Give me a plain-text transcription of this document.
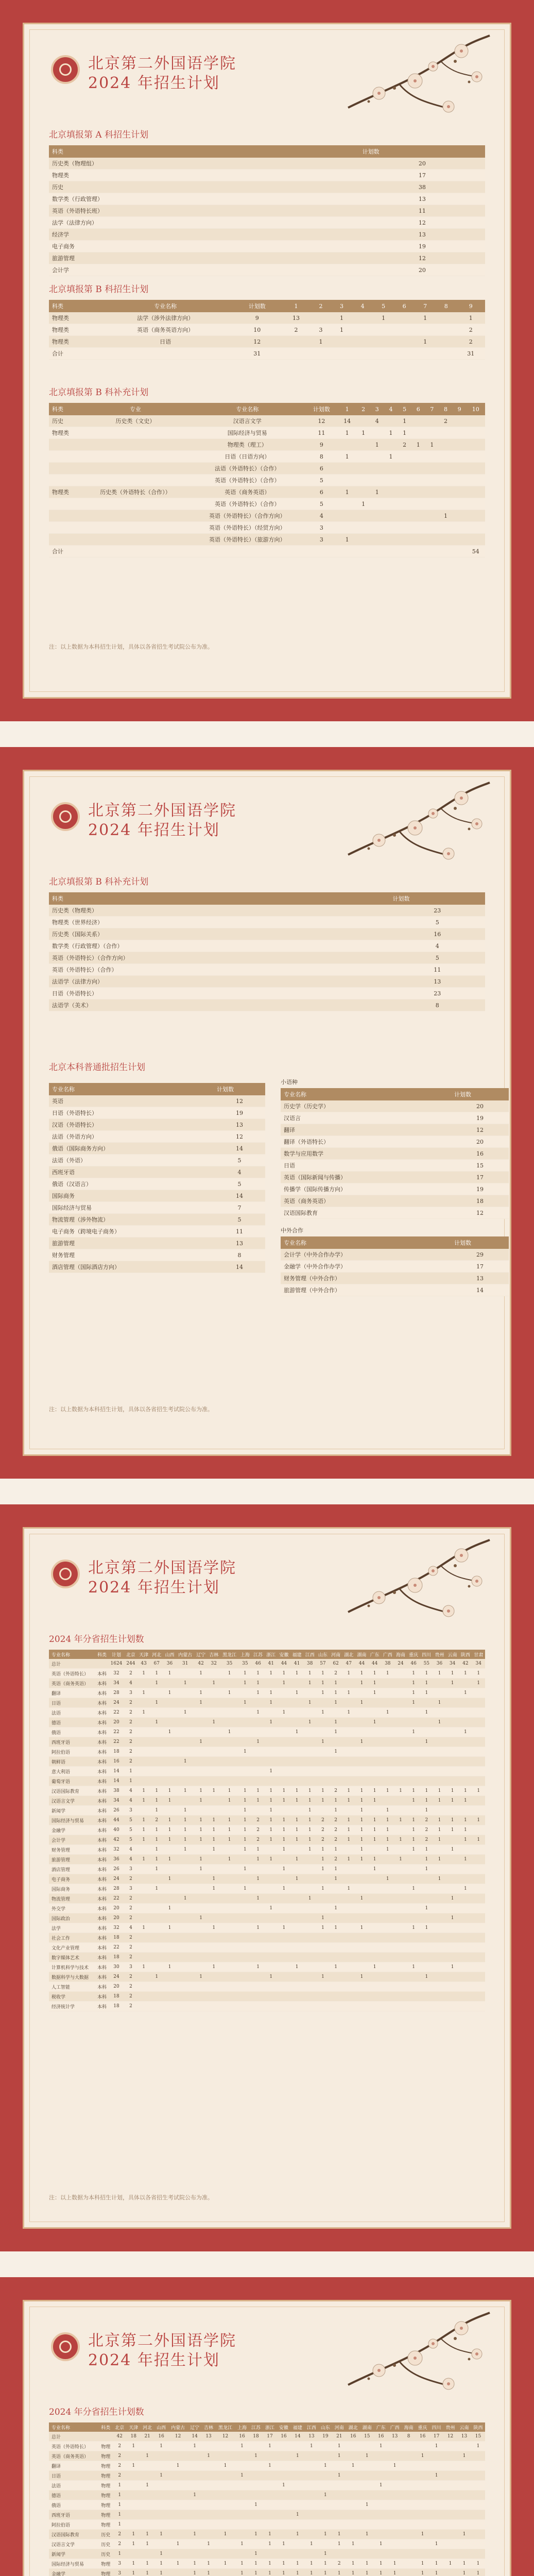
北京第二外国语学院
2024 年招生计划
北京填报第 A 科招生计划
科类	计划数
历史类（物理组）	20
物理类	17
历史	38
数学类（行政管理）	13
英语（外语特长班）	11
法学（法律方向）	12
经济学	13
电子商务	19
旅游管理	12
会计学	20
北京填报第 B 科招生计划
科类	专业名称	计划数	1	2	3	4	5	6	7	8	9
物理类	法学（涉外法律方向）	9	13		1		1		1		1
物理类	英语（商务英语方向）	10	2	3	1						2
物理类	日语	12		1					1		2
合计		31									31
北京填报第 B 科补充计划
科类	专业	专业名称	计划数	1	2	3	4	5	6	7	8	9	10
历史	历史类（文史）	汉语言文学	12	14		4		1			2		
物理类		国际经济与贸易	11	1	1		1	1					
		物理类（理工）	9			1		2	1	1			
		日语（日语方向）	8	1			1						
		法语（外语特长）（合作）	6										
		英语（外语特长）（合作）	5										
物理类	历史类（外语特长（合作））	英语（商务英语）	6	1		1							
		英语（外语特长）（合作）	5		1								
		英语（外语特长）（合作方向）	4								1		
		英语（外语特长）（经贸方向）	3										
		英语（外语特长）（旅游方向）	3	1									
合计													54
注：以上数据为本科招生计划，具体以各省招生考试院公布为准。
北京第二外国语学院
2024 年招生计划
北京填报第 B 科补充计划
科类	计划数
历史类（物理类）	23
物理类（世界经济）	5
历史类（国际关系）	16
数学类（行政管理）（合作）	4
英语（外语特长）（合作方向）	5
英语（外语特长）（合作）	11
法语学（法律方向）	13
日语（外语特长）	23
法语学（美术）	8
北京本科普通批招生计划
专业名称	计划数
英语	12
日语（外语特长）	19
汉语（外语特长）	13
法语（外语方向）	12
俄语（国际商务方向）	14
法语（外语）	5
西班牙语	4
俄语（汉语言）	5
国际商务	14
国际经济与贸易	7
物流管理（涉外物流）	5
电子商务（跨境电子商务）	11
旅游管理	13
财务管理	8
酒店管理（国际酒店方向）	14
小语种
专业名称	计划数
历史学（历史学）	20
汉语言	19
翻译	12
翻译（外语特长）	20
数学与应用数学	16
日语	15
英语（国际新闻与传播）	17
传播学（国际传播方向）	19
英语（商务英语）	18
汉语国际教育	12
中外合作
专业名称	计划数
会计学（中外合作办学）	29
金融学（中外合作办学）	17
财务管理（中外合作）	13
旅游管理（中外合作）	14
注：以上数据为本科招生计划，具体以各省招生考试院公布为准。
北京第二外国语学院
2024 年招生计划
2024 年分省招生计划数
专业名称	科类	计划	北京	天津	河北	山西	内蒙古	辽宁	吉林	黑龙江	上海	江苏	浙江	安徽	福建	江西	山东	河南	湖北	湖南	广东	广西	海南	重庆	四川	贵州	云南	陕西	甘肃
总计		1624	244	43	67	36	31	42	32	35	35	46	41	44	41	38	57	62	47	44	44	38	24	46	55	36	34	42	34
英语（外语特长）	本科	32	2	1	1	1		1		1	1	1	1	1	1	1	1	2	1	1	1	1		1	1	1	1	1	1
英语（商务英语）	本科	34	4		1		1		1		1	1		1		1	1	1		1	1			1	1		1		1
翻译	本科	28	3	1		1		1		1		1	1		1		1	1	1		1			1	1			1	
日语	本科	24	2		1			1			1		1			1		1		1				1		1			
法语	本科	22	2	1			1					1		1			1		1			1			1				
德语	本科	20	2		1				1				1			1		1			1					1			
俄语	本科	22	2			1				1					1			1						1				1	
西班牙语	本科	22	2					1				1					1			1					1				
阿拉伯语	本科	18	2								1							1											
朝鲜语	本科	16	2				1																						
意大利语	本科	14	1										1																
葡萄牙语	本科	14	1																										
汉语国际教育	本科	38	4	1	1	1	1	1	1	1	1	1	1	1	1	1	1	2	1	1	1	1	1	1	1	1	1	1	1
汉语言文学	本科	34	4	1	1	1		1		1	1	1	1	1	1	1	1	1	1	1	1			1	1	1	1	1	
新闻学	本科	26	3		1		1				1		1			1		1		1		1			1				
国际经济与贸易	本科	44	5	1	2	1	1	1	1	1	1	2	1	1	1	1	2	2	1	1	1	1	1	1	2	1	1	1	1
金融学	本科	40	5	1	1	1	1	1	1	1	1	2	1	1	1	1	2	2	1	1	1	1		1	2	1	1	1	
会计学	本科	42	5	1	1	1	1	1	1	1	1	2	1	1	1	1	2	2	1	1	1	1	1	1	2	1		1	1
财务管理	本科	32	4		1		1		1		1	1		1		1	1	1		1		1		1	1		1		
旅游管理	本科	36	4	1	1	1		1		1		1	1		1		1	2	1	1	1		1		1	1		1	
酒店管理	本科	26	3		1			1			1			1			1	1			1				1				
电子商务	本科	24	2			1			1			1			1			1				1				1			
国际商务	本科	28	3		1				1		1			1			1		1					1				1	
物流管理	本科	22	2				1					1				1				1							1		
外交学	本科	20	2			1							1					1							1				
国际政治	本科	20	2					1									1										1		
法学	本科	32	4	1		1			1			1		1			1	1		1				1	1				
社会工作	本科	18	2																										
文化产业管理	本科	22	2																										
数字媒体艺术	本科	18	2																										
计算机科学与技术	本科	30	3	1		1			1			1			1			1			1			1			1		
数据科学与大数据	本科	24	2		1			1					1				1			1					1				
人工智能	本科	20	2																										
税收学	本科	18	2																										
经济统计学	本科	18	2																										
注：以上数据为本科招生计划，具体以各省招生考试院公布为准。
北京第二外国语学院
2024 年招生计划
2024 年分省招生计划数
专业名称	科类	北京	天津	河北	山西	内蒙古	辽宁	吉林	黑龙江	上海	江苏	浙江	安徽	福建	江西	山东	河南	湖北	湖南	广东	广西	海南	重庆	四川	贵州	云南	陕西
总计		42	18	21	16	12	14	13	12	16	18	17	16	14	13	19	21	16	15	16	13	8	16	17	12	13	15
英语（外语特长）	物理	2	1		1		1			1		1			1		1			1				1			1
英语（商务英语）	物理	2		1				1			1			1			1		1				1			1	
翻译	物理	2	1			1			1			1				1		1			1						
日语	物理	2			1					1							1							1			
法语	物理	1		1									1							1							
德语	物理	1					1									1											
俄语	物理	1									1								1								
西班牙语	物理	1												1													
阿拉伯语	物理	1																									
汉语国际教育	历史	2	1	1	1		1		1		1	1		1		1	1		1				1			1	
汉语言文学	历史	2	1	1		1		1		1		1	1		1		1	1		1				1			
新闻学	历史	1			1						1					1											
国际经济与贸易	物理	3	1	1	1	1	1	1	1	1	1	1	1	1	1	1	2	1	1	1	1		1	1	1	1	1
金融学	物理	3	1	1	1		1	1		1	1	1	1	1	1	1	1	1	1	1	1		1	1		1	1
